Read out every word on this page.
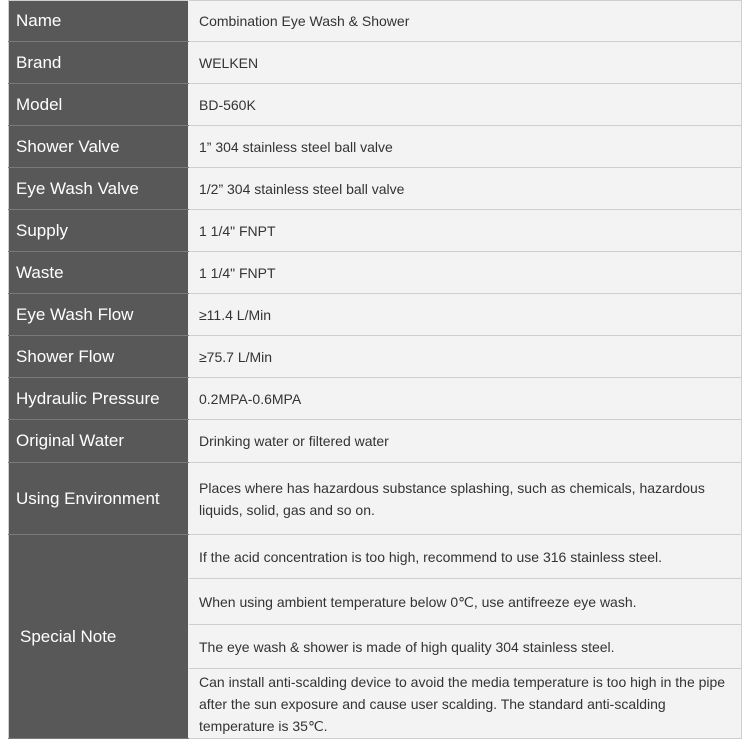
Name	Combination Eye Wash & Shower
Brand	WELKEN
Model	BD-560K
Shower Valve	1” 304 stainless steel ball valve
Eye Wash Valve	1/2” 304 stainless steel ball valve
Supply	1 1/4" FNPT
Waste	1 1/4" FNPT
Eye Wash Flow	≥11.4 L/Min
Shower Flow	≥75.7 L/Min
Hydraulic Pressure	0.2MPA-0.6MPA
Original Water	Drinking water or filtered water
Using Environment	Places where has hazardous substance splashing, such as chemicals, hazardous liquids, solid, gas and so on.
Special Note	If the acid concentration is too high, recommend to use 316 stainless steel.
	When using ambient temperature below 0℃, use antifreeze eye wash.
	The eye wash & shower is made of high quality 304 stainless steel.
	Can install anti-scalding device to avoid the media temperature is too high in the pipe after the sun exposure and cause user scalding. The standard anti-scalding temperature is 35℃.
